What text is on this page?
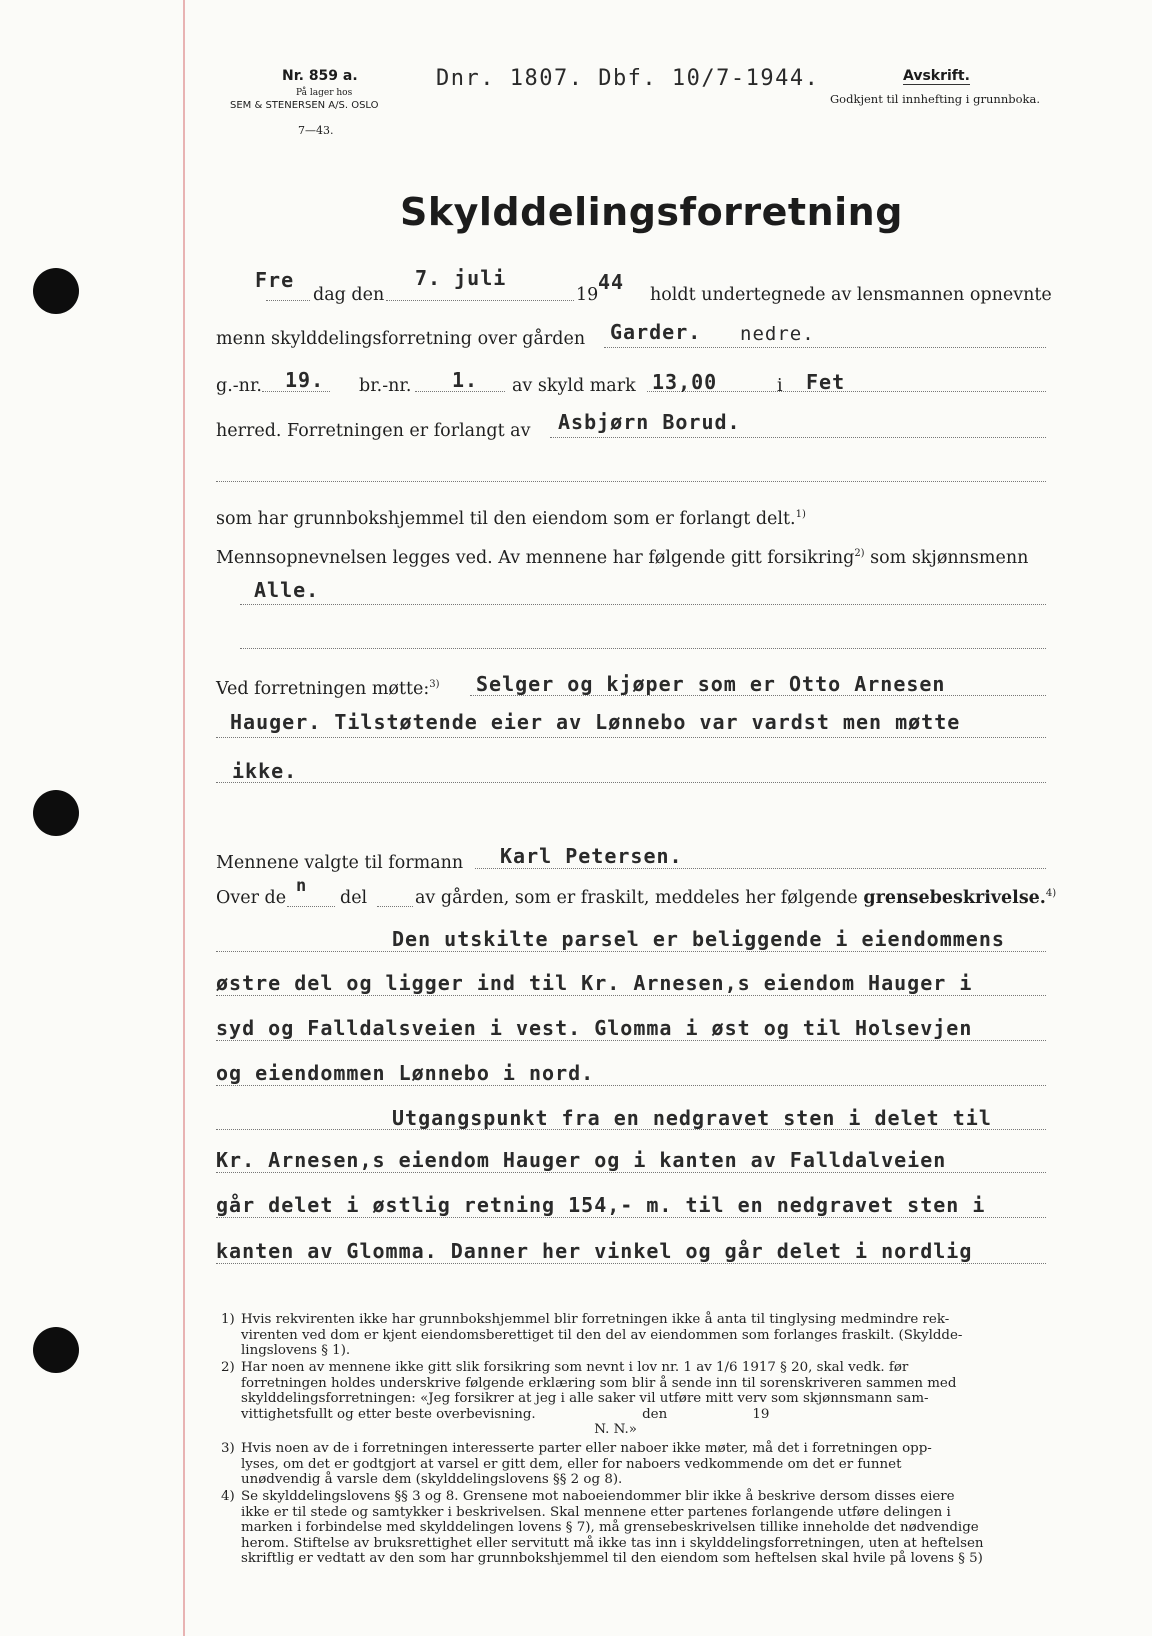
Nr. 859 a.
På lager hos
SEM & STENERSEN A/S. OSLO
7—43.
Dnr. 1807. Dbf. 10/7-1944.	Avskrift.
Godkjent til innhefting i grunnboka.
Skylddelingsforretning
Fre
dag den
7. juli
19
44
holdt undertegnede av lensmannen opnevnte
menn skylddelingsforretning over gården Garder. nedre.
g.-nr. 19. br.-nr. 1. av skyld mark 13,00	i Fet
herred. Forretningen er forlangt av Asbjørn Borud.
som har grunnbokshjemmel til den eiendom som er forlangt delt.$^{1)}$
Mennsopnevnelsen legges ved. Av mennene har følgende gitt forsikring$^{2)}$ som skjønnsmenn
Alle.
Ved forretningen møtte:$^{3)}$ Selger og kjøper som er Otto Arnesen
Hauger. Tilstøtende eier av Lønnebo var vardst men møtte
ikke.
Mennene valgte til formann Karl Petersen.
Over de
n
del	av gården, som er fraskilt, meddeles her følgende grensebeskrivelse.$^{4)}$
Den utskilte parsel er beliggende i eiendommens
østre del og ligger ind til Kr. Arnesen,s eiendom Hauger i
syd og Falldalsveien i vest. Glomma i øst og til Holsevjen
og eiendommen Lønnebo i nord.
Utgangspunkt fra en nedgravet sten i delet til
Kr. Arnesen,s eiendom Hauger og i kanten av Falldalveien
går delet i østlig retning 154,- m. til en nedgravet sten i
kanten av Glomma. Danner her vinkel og går delet i nordlig
1) Hvis rekvirenten ikke har grunnbokshjemmel blir forretningen ikke å anta til tinglysing medmindre rek-
virenten ved dom er kjent eiendomsberettiget til den del av eiendommen som forlanges fraskilt. (Skyldde-
lingslovens § 1).
2) Har noen av mennene ikke gitt slik forsikring som nevnt i lov nr. 1 av 1/6 1917 § 20, skal vedk. før
forretningen holdes underskrive følgende erklæring som blir å sende inn til sorenskriveren sammen med
skylddelingsforretningen: «Jeg forsikrer at jeg i alle saker vil utføre mitt verv som skjønnsmann sam-
vittighetsfullt og etter beste overbevisning.                         den                    19
N. N.»
3) Hvis noen av de i forretningen interesserte parter eller naboer ikke møter, må det i forretningen opp-
lyses, om det er godtgjort at varsel er gitt dem, eller for naboers vedkommende om det er funnet
unødvendig å varsle dem (skylddelingslovens §§ 2 og 8).
4) Se skylddelingslovens §§ 3 og 8. Grensene mot naboeiendommer blir ikke å beskrive dersom disses eiere
ikke er til stede og samtykker i beskrivelsen. Skal mennene etter partenes forlangende utføre delingen i
marken i forbindelse med skylddelingen lovens § 7), må grensebeskrivelsen tillike inneholde det nødvendige
herom. Stiftelse av bruksrettighet eller servitutt må ikke tas inn i skylddelingsforretningen, uten at heftelsen
skriftlig er vedtatt av den som har grunnbokshjemmel til den eiendom som heftelsen skal hvile på lovens § 5)
